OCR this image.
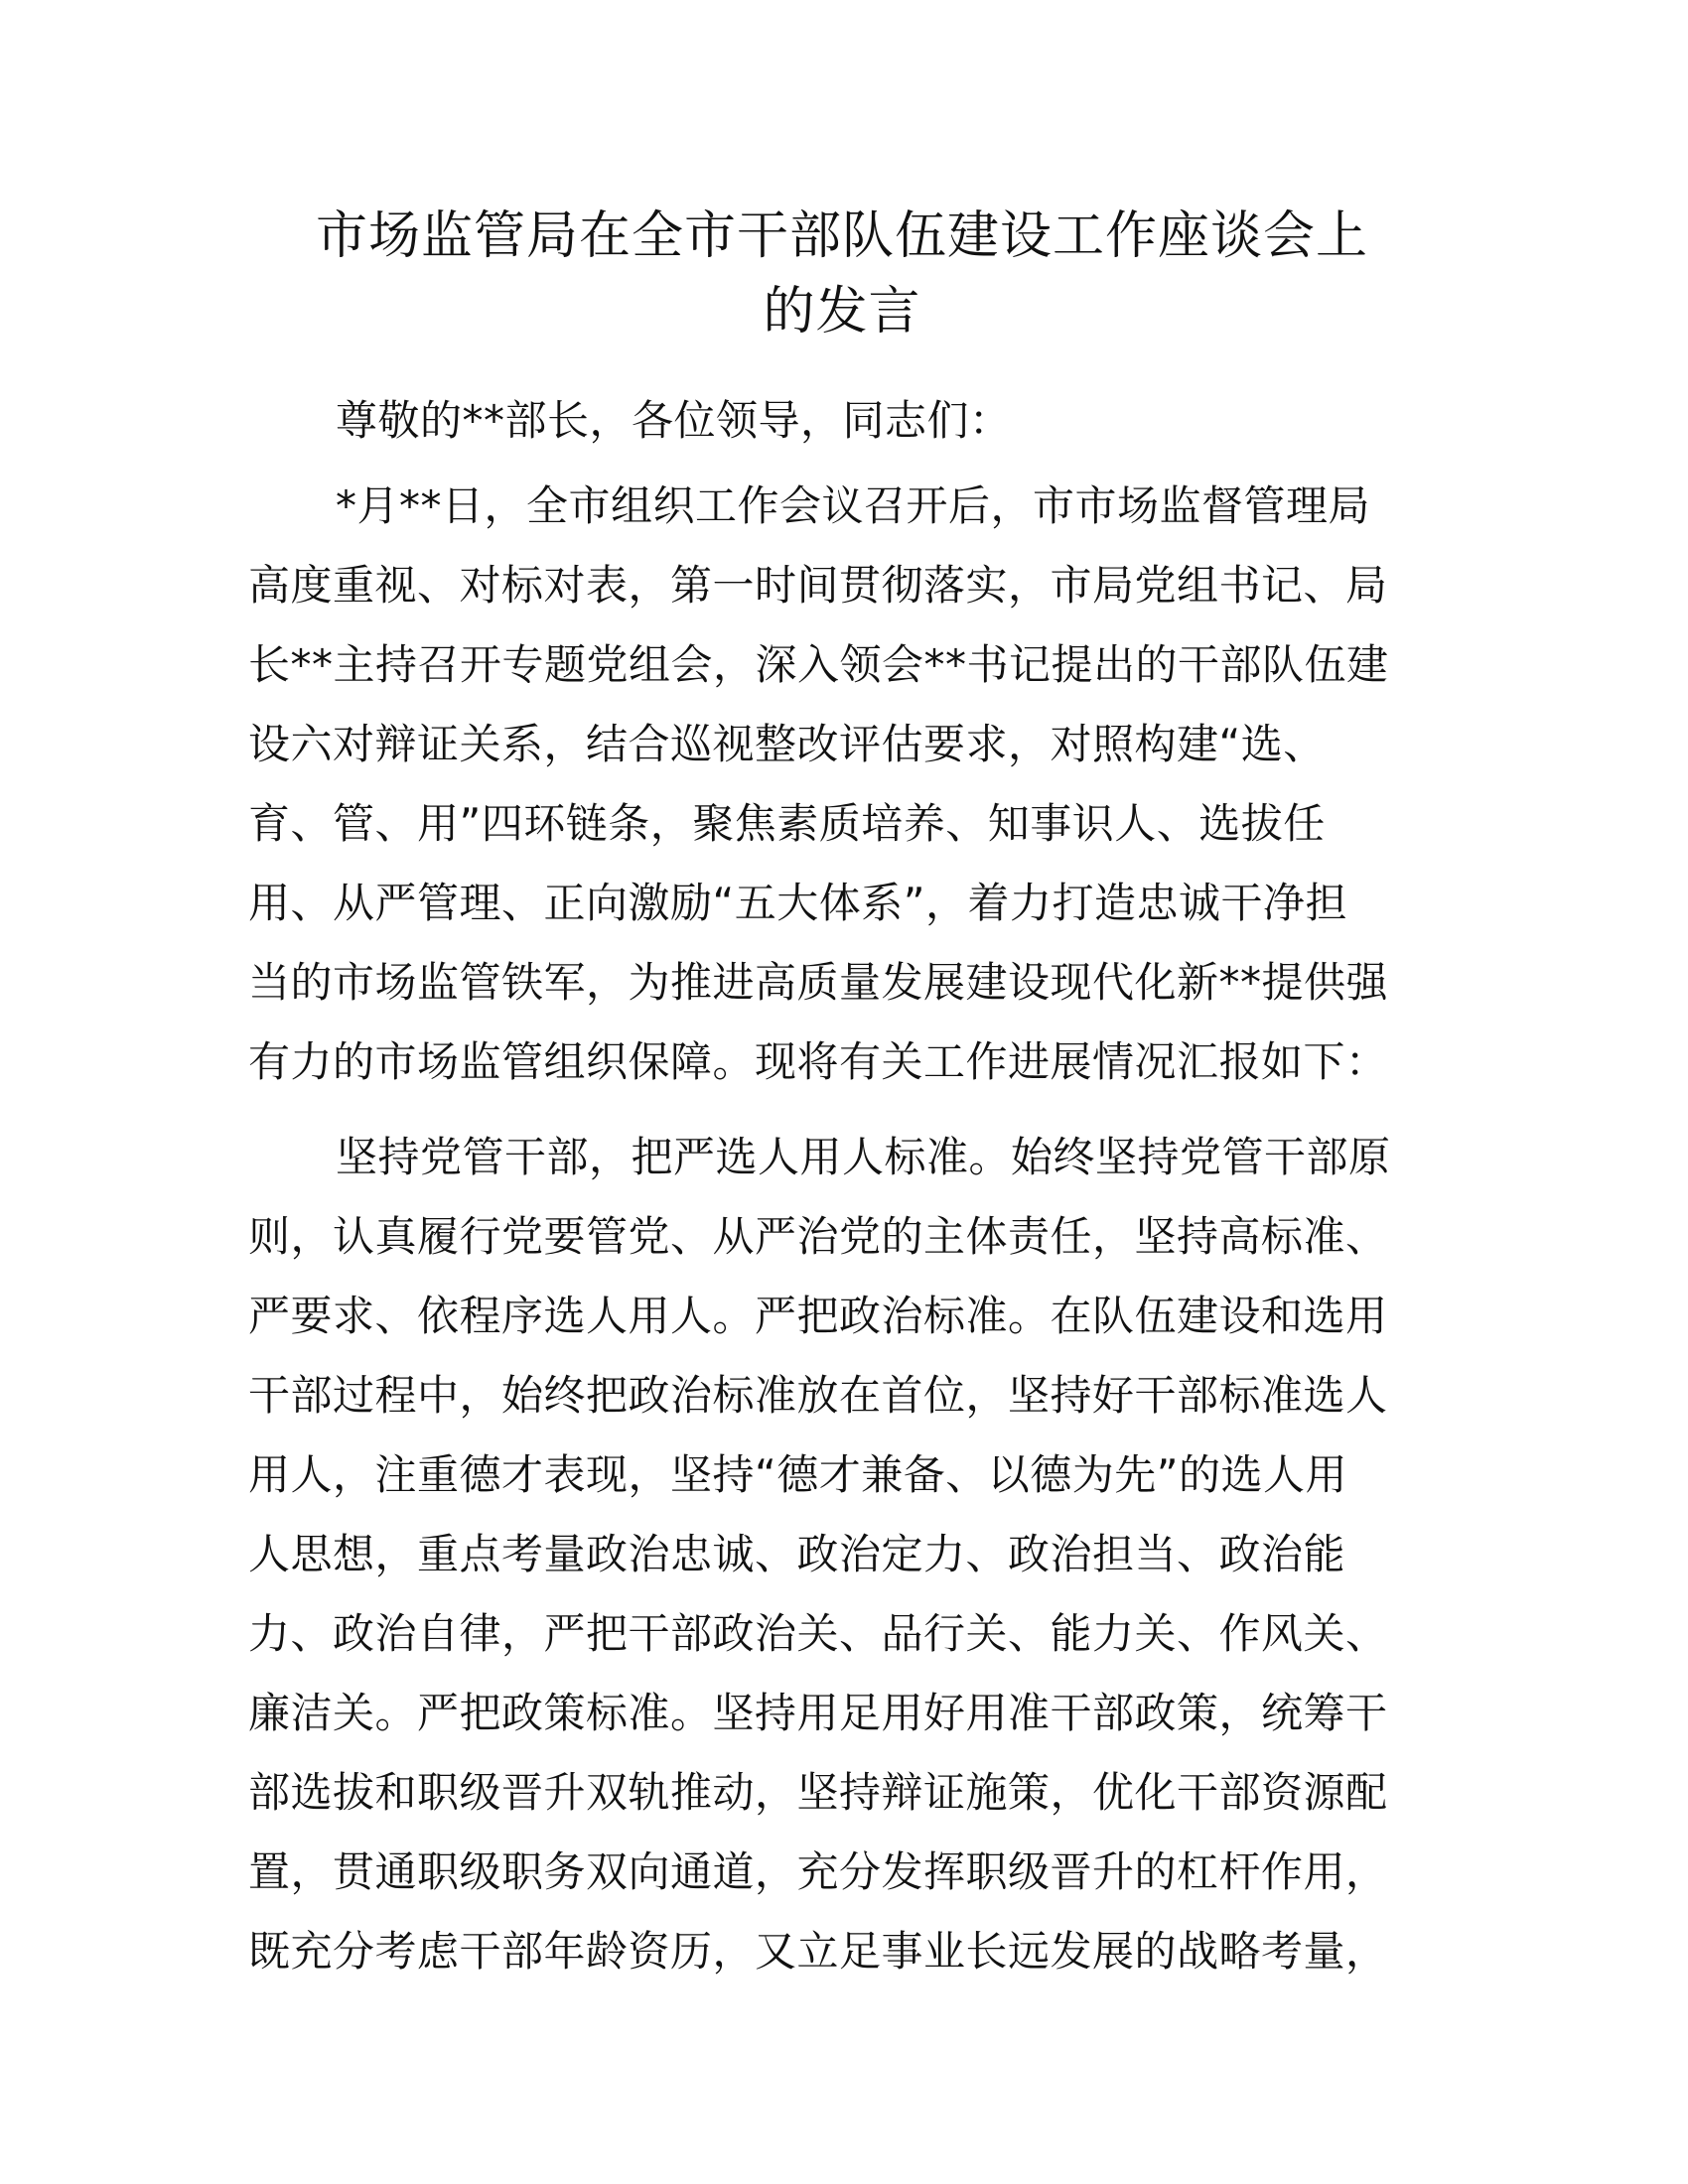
市场监管局在全市干部队伍建设工作座谈会上
的发言
尊敬的**部长，各位领导，同志们：
*月**日，全市组织工作会议召开后，市市场监督管理局
高度重视、对标对表，第一时间贯彻落实，市局党组书记、局
长**主持召开专题党组会，深入领会**书记提出的干部队伍建
设六对辩证关系，结合巡视整改评估要求，对照构建“选、
育、管、用”四环链条，聚焦素质培养、知事识人、选拔任
用、从严管理、正向激励“五大体系”，着力打造忠诚干净担
当的市场监管铁军，为推进高质量发展建设现代化新**提供强
有力的市场监管组织保障。现将有关工作进展情况汇报如下：
坚持党管干部，把严选人用人标准。始终坚持党管干部原
则，认真履行党要管党、从严治党的主体责任，坚持高标准、
严要求、依程序选人用人。严把政治标准。在队伍建设和选用
干部过程中，始终把政治标准放在首位，坚持好干部标准选人
用人，注重德才表现，坚持“德才兼备、以德为先”的选人用
人思想，重点考量政治忠诚、政治定力、政治担当、政治能
力、政治自律，严把干部政治关、品行关、能力关、作风关、
廉洁关。严把政策标准。坚持用足用好用准干部政策，统筹干
部选拔和职级晋升双轨推动，坚持辩证施策，优化干部资源配
置，贯通职级职务双向通道，充分发挥职级晋升的杠杆作用，
既充分考虑干部年龄资历，又立足事业长远发展的战略考量，
